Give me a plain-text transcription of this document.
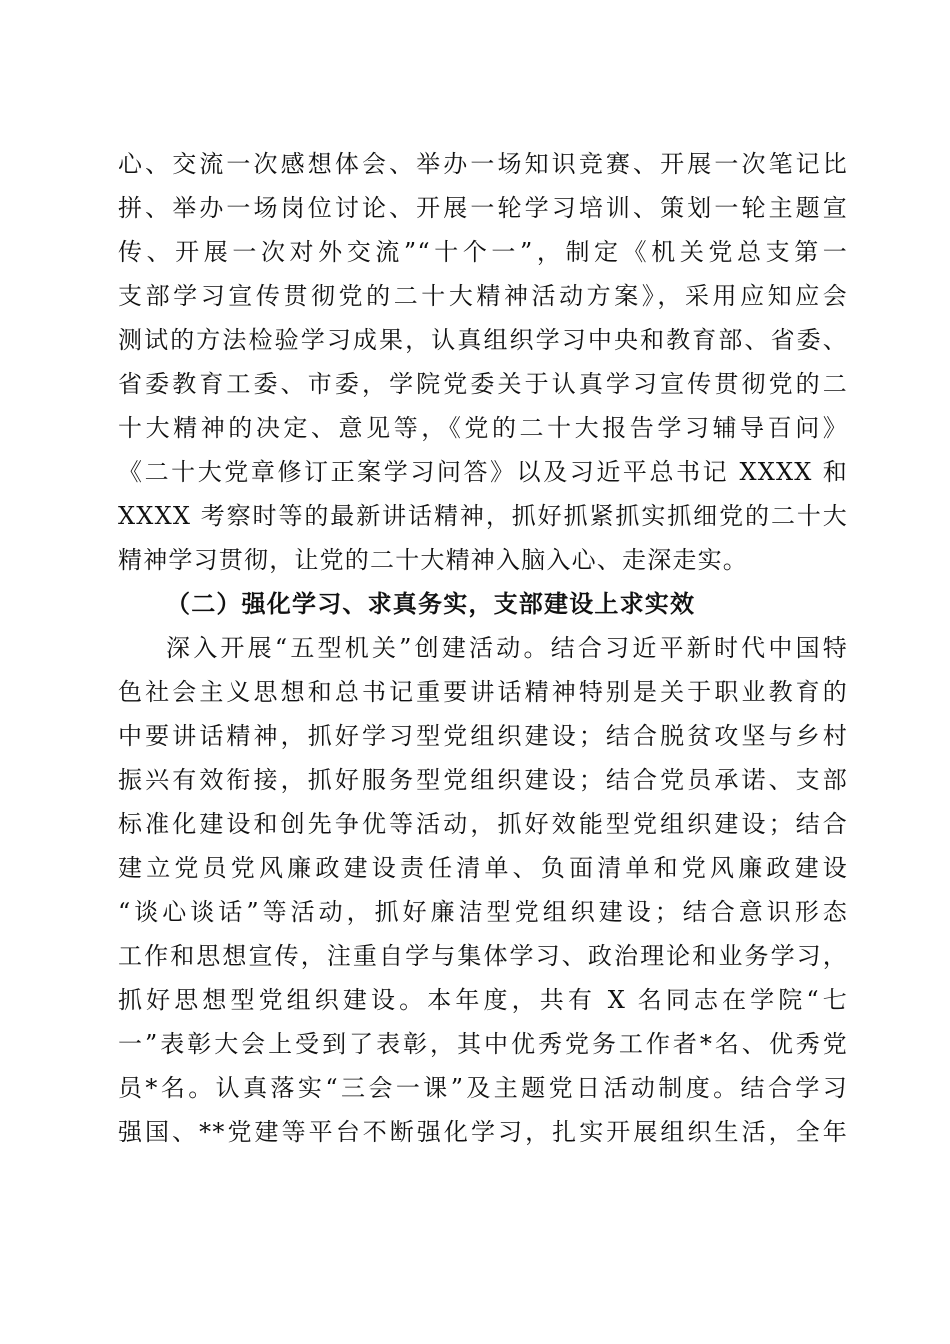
心、交流一次感想体会、举办一场知识竞赛、开展一次笔记比
拼、举办一场岗位讨论、开展一轮学习培训、策划一轮主题宣
传、开展一次对外交流”“十个一”，制定《机关党总支第一
支部学习宣传贯彻党的二十大精神活动方案》，采用应知应会
测试的方法检验学习成果，认真组织学习中央和教育部、省委、
省委教育工委、市委，学院党委关于认真学习宣传贯彻党的二
十大精神的决定、意见等，《党的二十大报告学习辅导百问》
《二十大党章修订正案学习问答》以及习近平总书记 XXXX 和
XXXX 考察时等的最新讲话精神，抓好抓紧抓实抓细党的二十大
精神学习贯彻，让党的二十大精神入脑入心、走深走实。
（二）强化学习、求真务实，支部建设上求实效
深入开展“五型机关”创建活动。结合习近平新时代中国特
色社会主义思想和总书记重要讲话精神特别是关于职业教育的
中要讲话精神，抓好学习型党组织建设；结合脱贫攻坚与乡村
振兴有效衔接，抓好服务型党组织建设；结合党员承诺、支部
标准化建设和创先争优等活动，抓好效能型党组织建设；结合
建立党员党风廉政建设责任清单、负面清单和党风廉政建设
“谈心谈话”等活动，抓好廉洁型党组织建设；结合意识形态
工作和思想宣传，注重自学与集体学习、政治理论和业务学习，
抓好思想型党组织建设。本年度，共有 X 名同志在学院“七
一”表彰大会上受到了表彰，其中优秀党务工作者*名、优秀党
员*名。认真落实“三会一课”及主题党日活动制度。结合学习
强国、**党建等平台不断强化学习，扎实开展组织生活，全年
